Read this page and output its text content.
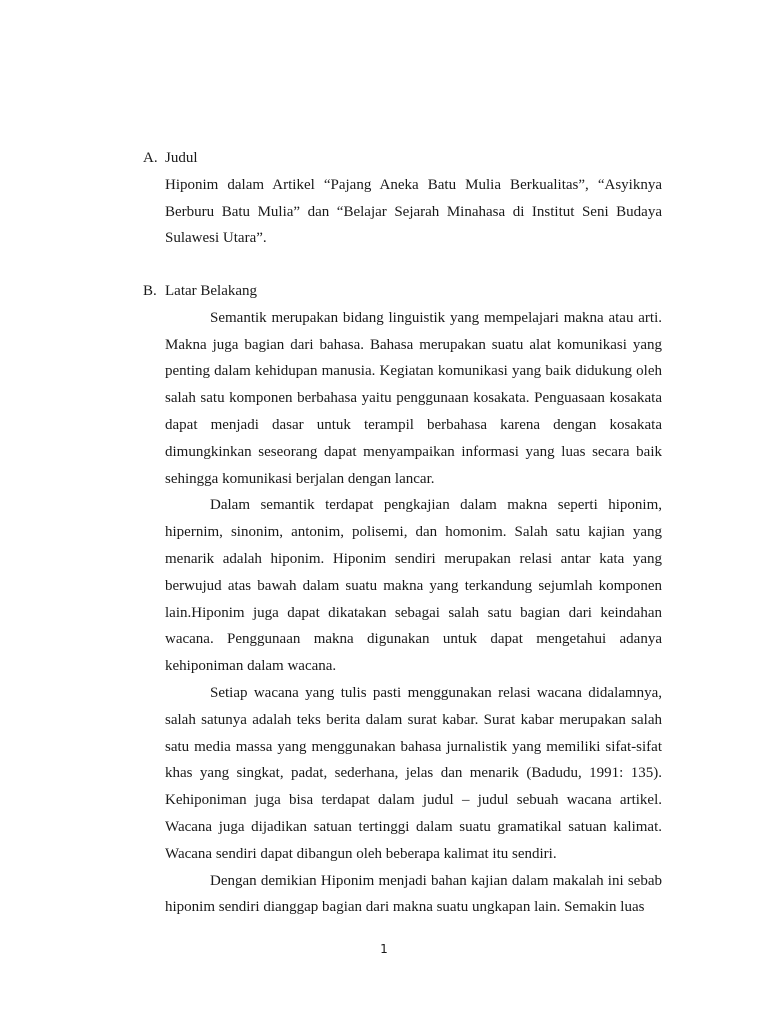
A. Judul

Hiponim dalam Artikel “Pajang Aneka Batu Mulia Berkualitas”, “Asyiknya Berburu Batu Mulia” dan “Belajar Sejarah Minahasa di Institut Seni Budaya Sulawesi Utara”.

B. Latar Belakang

Semantik merupakan bidang linguistik yang mempelajari makna atau arti. Makna juga bagian dari bahasa. Bahasa merupakan suatu alat komunikasi yang penting dalam kehidupan manusia. Kegiatan komunikasi yang baik didukung oleh salah satu komponen berbahasa yaitu penggunaan kosakata. Penguasaan kosakata dapat menjadi dasar untuk terampil berbahasa karena dengan kosakata dimungkinkan seseorang dapat menyampaikan informasi yang luas secara baik sehingga komunikasi berjalan dengan lancar.

Dalam semantik terdapat pengkajian dalam makna seperti hiponim, hipernim, sinonim, antonim, polisemi, dan homonim. Salah satu kajian yang menarik adalah hiponim. Hiponim sendiri merupakan relasi antar kata yang berwujud atas bawah dalam suatu makna yang terkandung sejumlah komponen lain.Hiponim juga dapat dikatakan sebagai salah satu bagian dari keindahan wacana. Penggunaan makna digunakan untuk dapat mengetahui adanya kehiponiman dalam wacana.

Setiap wacana yang tulis pasti menggunakan relasi wacana didalamnya, salah satunya adalah teks berita dalam surat kabar. Surat kabar merupakan salah satu media massa yang menggunakan bahasa jurnalistik yang memiliki sifat-sifat khas yang singkat, padat, sederhana, jelas dan menarik (Badudu, 1991: 135). Kehiponiman juga bisa terdapat dalam judul – judul sebuah wacana artikel. Wacana juga dijadikan satuan tertinggi dalam suatu gramatikal satuan kalimat. Wacana sendiri dapat dibangun oleh beberapa kalimat itu sendiri.

Dengan demikian Hiponim menjadi bahan kajian dalam makalah ini sebab hiponim sendiri dianggap bagian dari makna suatu ungkapan lain. Semakin luas

1
